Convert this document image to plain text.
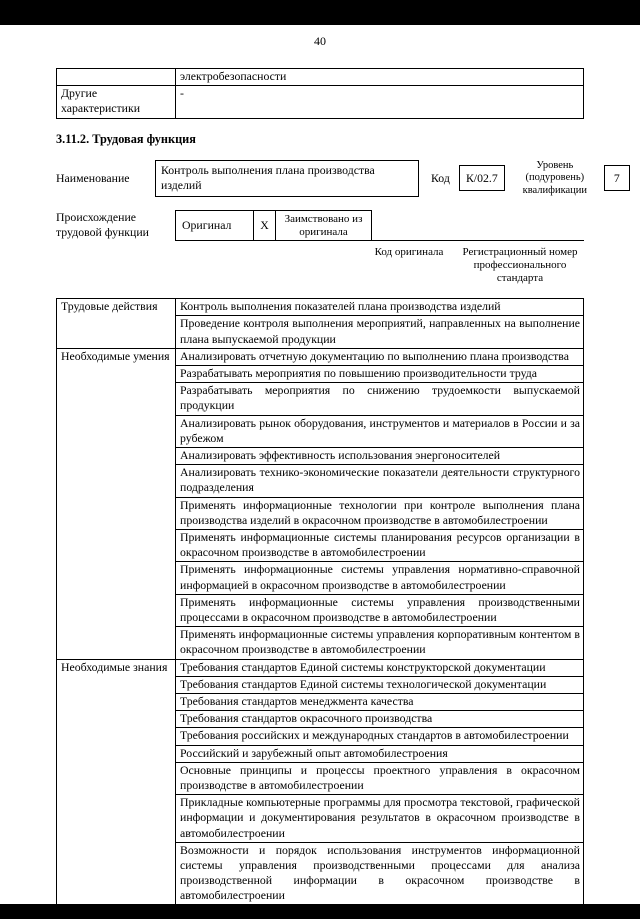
40
	электробезопасности
Другие характеристики	-
3.11.2. Трудовая функция
Наименование
Контроль выполнения плана производства изделий
Код	К/02.7
Уровень (подуровень) квалификации
7
Происхождение трудовой функции	Оригинал	X	Заимствовано из оригинала
Код оригинала	Регистрационный номер профессионального стандарта
Трудовые действия	Контроль выполнения показателей плана производства изделий
	Проведение контроля выполнения мероприятий, направленных на выполнение плана выпускаемой продукции
Необходимые умения	Анализировать отчетную документацию по выполнению плана производства
	Разрабатывать мероприятия по повышению производительности труда
	Разрабатывать мероприятия по снижению трудоемкости выпускаемой продукции
	Анализировать рынок оборудования, инструментов и материалов в России и за рубежом
	Анализировать эффективность использования энергоносителей
	Анализировать технико-экономические показатели деятельности структурного подразделения
	Применять информационные технологии при контроле выполнения плана производства изделий в окрасочном производстве в автомобилестроении
	Применять информационные системы планирования ресурсов организации в окрасочном производстве в автомобилестроении
	Применять информационные системы управления нормативно-справочной информацией в окрасочном производстве в автомобилестроении
	Применять информационные системы управления производственными процессами в окрасочном производстве в автомобилестроении
	Применять информационные системы управления корпоративным контентом в окрасочном производстве в автомобилестроении
Необходимые знания	Требования стандартов Единой системы конструкторской документации
	Требования стандартов Единой системы технологической документации
	Требования стандартов менеджмента качества
	Требования стандартов окрасочного производства
	Требования российских и международных стандартов в автомобилестроении
	Российский и зарубежный опыт автомобилестроения
	Основные принципы и процессы проектного управления в окрасочном производстве в автомобилестроении
	Прикладные компьютерные программы для просмотра текстовой, графической информации и документирования результатов в окрасочном производстве в автомобилестроении
	Возможности и порядок использования инструментов информационной системы управления производственными процессами для анализа производственной информации в окрасочном производстве в автомобилестроении
